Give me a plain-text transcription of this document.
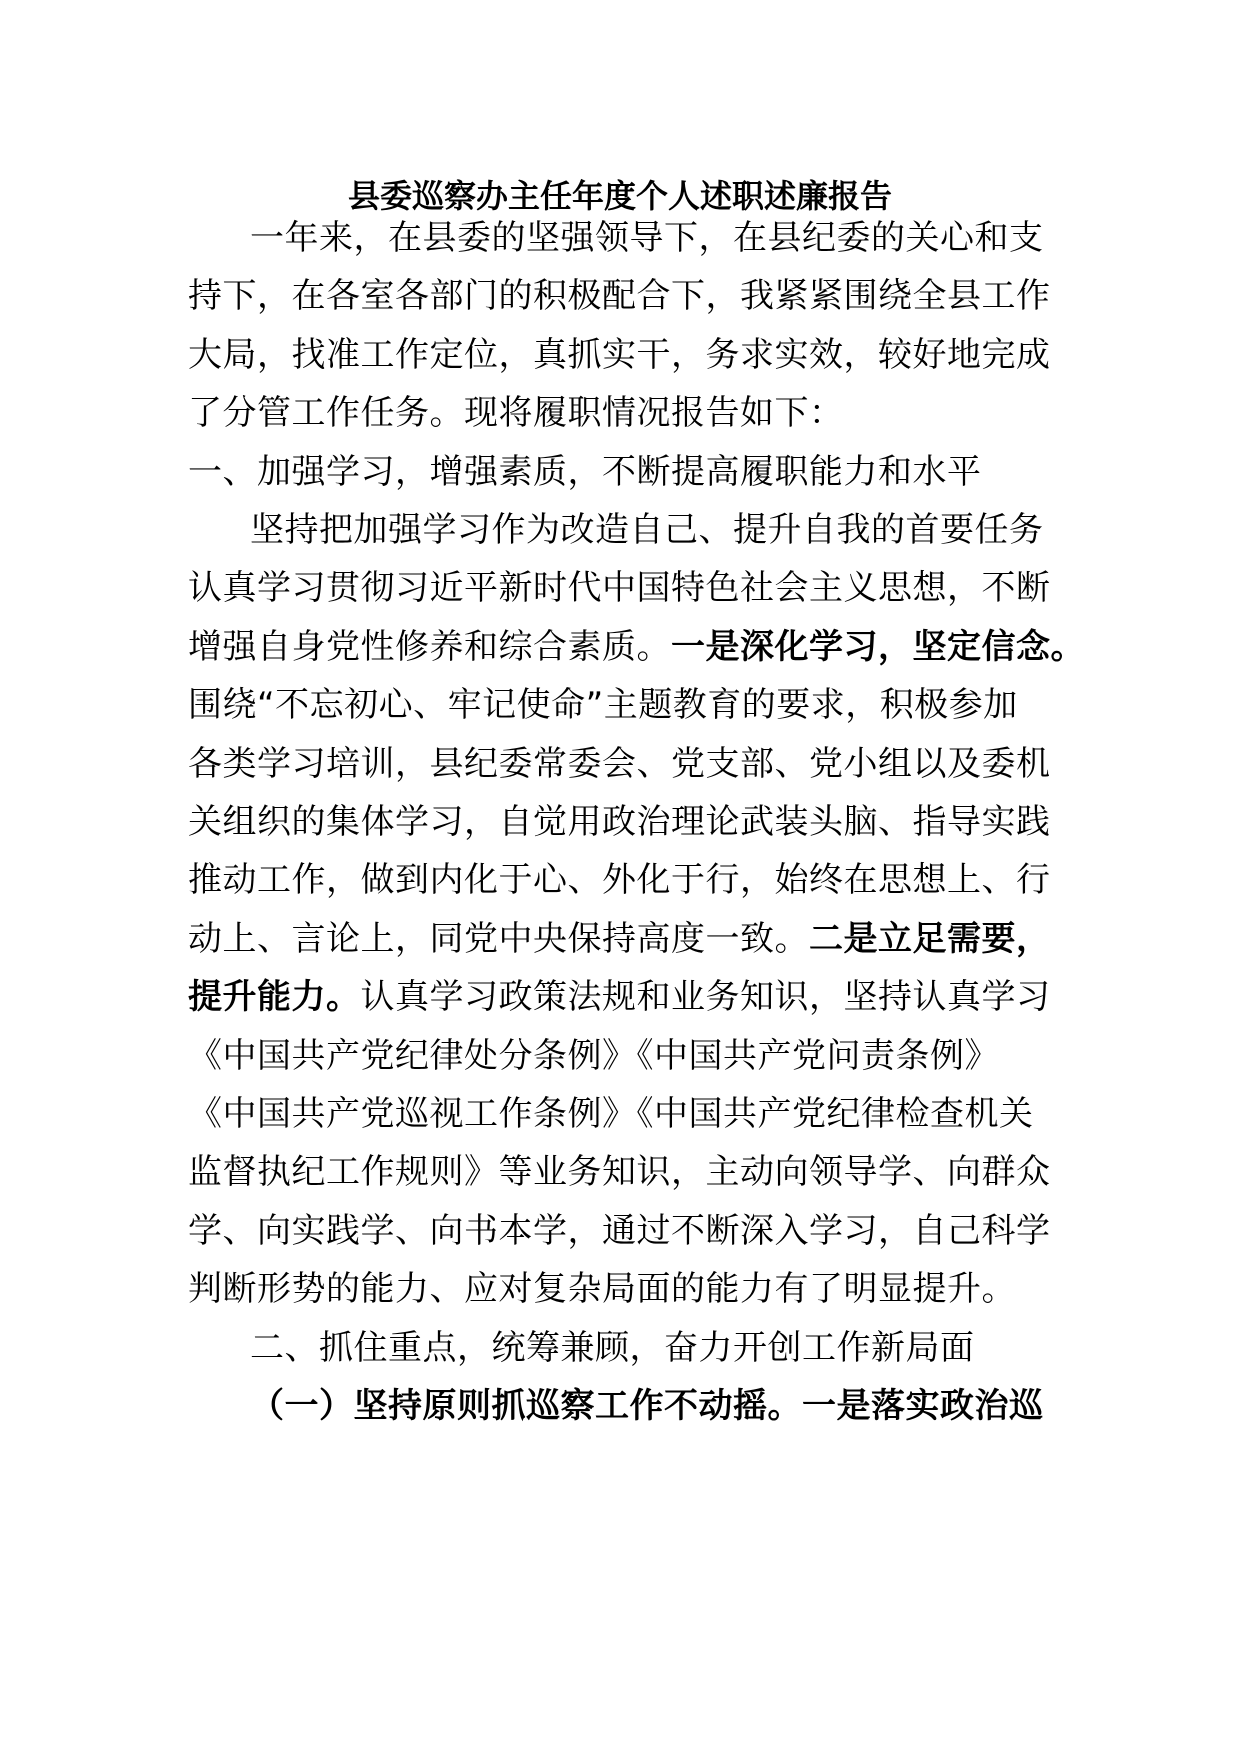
县委巡察办主任年度个人述职述廉报告
一年来，在县委的坚强领导下，在县纪委的关心和支
持下，在各室各部门的积极配合下，我紧紧围绕全县工作
大局，找准工作定位，真抓实干，务求实效，较好地完成
了分管工作任务。现将履职情况报告如下：
一、加强学习，增强素质，不断提高履职能力和水平
坚持把加强学习作为改造自己、提升自我的首要任务
认真学习贯彻习近平新时代中国特色社会主义思想，不断
增强自身党性修养和综合素质。一是深化学习，坚定信念。
围绕“不忘初心、牢记使命”主题教育的要求，积极参加
各类学习培训，县纪委常委会、党支部、党小组以及委机
关组织的集体学习，自觉用政治理论武装头脑、指导实践
推动工作，做到内化于心、外化于行，始终在思想上、行
动上、言论上，同党中央保持高度一致。二是立足需要，
提升能力。认真学习政策法规和业务知识，坚持认真学习
《中国共产党纪律处分条例》《中国共产党问责条例》
《中国共产党巡视工作条例》《中国共产党纪律检查机关
监督执纪工作规则》等业务知识，主动向领导学、向群众
学、向实践学、向书本学，通过不断深入学习，自己科学
判断形势的能力、应对复杂局面的能力有了明显提升。
二、抓住重点，统筹兼顾，奋力开创工作新局面
（一）坚持原则抓巡察工作不动摇。一是落实政治巡
